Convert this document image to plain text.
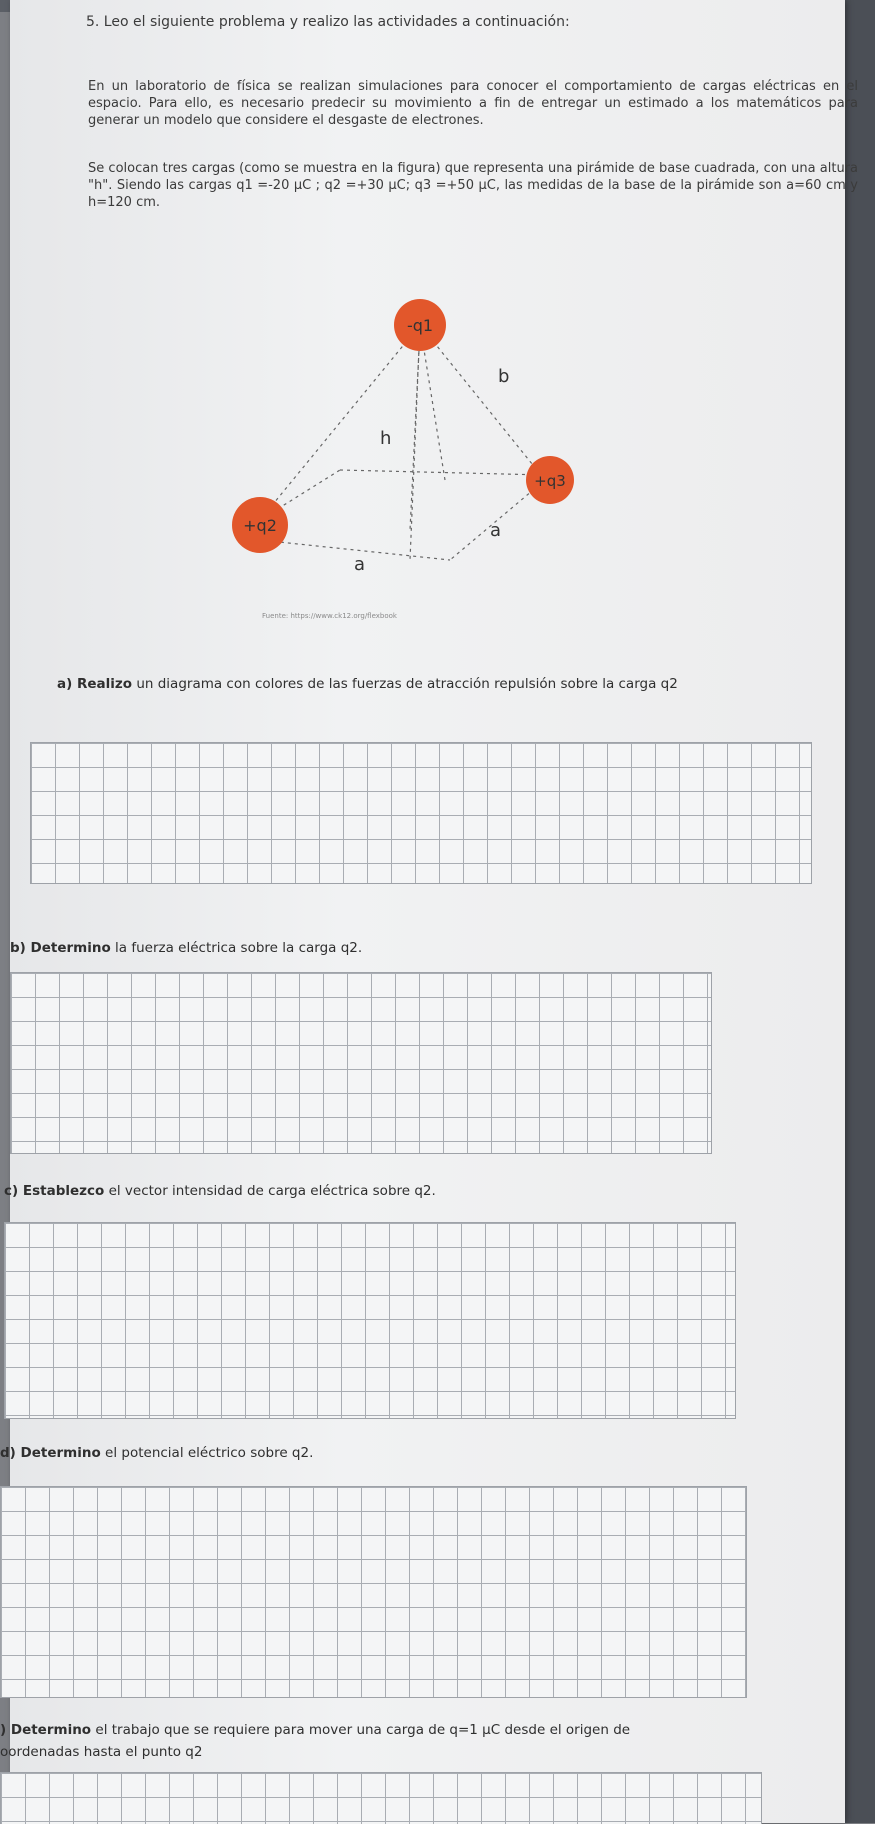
5. Leo el siguiente problema y realizo las actividades a continuación:
En un laboratorio de física se realizan simulaciones para conocer el comportamiento de cargas eléctricas en el espacio. Para ello, es necesario predecir su movimiento a fin de entregar un estimado a los matemáticos para generar un modelo que considere el desgaste de electrones.
Se colocan tres cargas (como se muestra en la figura) que representa una pirámide de base cuadrada, con una altura "h". Siendo las cargas q1 =-20 µC ; q2 =+30 µC; q3 =+50 µC, las medidas de la base de la pirámide son a=60 cm y h=120 cm.
-q1
+q2
+q3
b
h
a
a
Fuente: https://www.ck12.org/flexbook
a) Realizo un diagrama con colores de las fuerzas de atracción repulsión sobre la carga q2
b) Determino la fuerza eléctrica sobre la carga q2.
c) Establezco el vector intensidad de carga eléctrica sobre q2.
d) Determino el potencial eléctrico sobre q2.
) Determino el trabajo que se requiere para mover una carga de q=1 µC desde el origen de
oordenadas hasta el punto q2
